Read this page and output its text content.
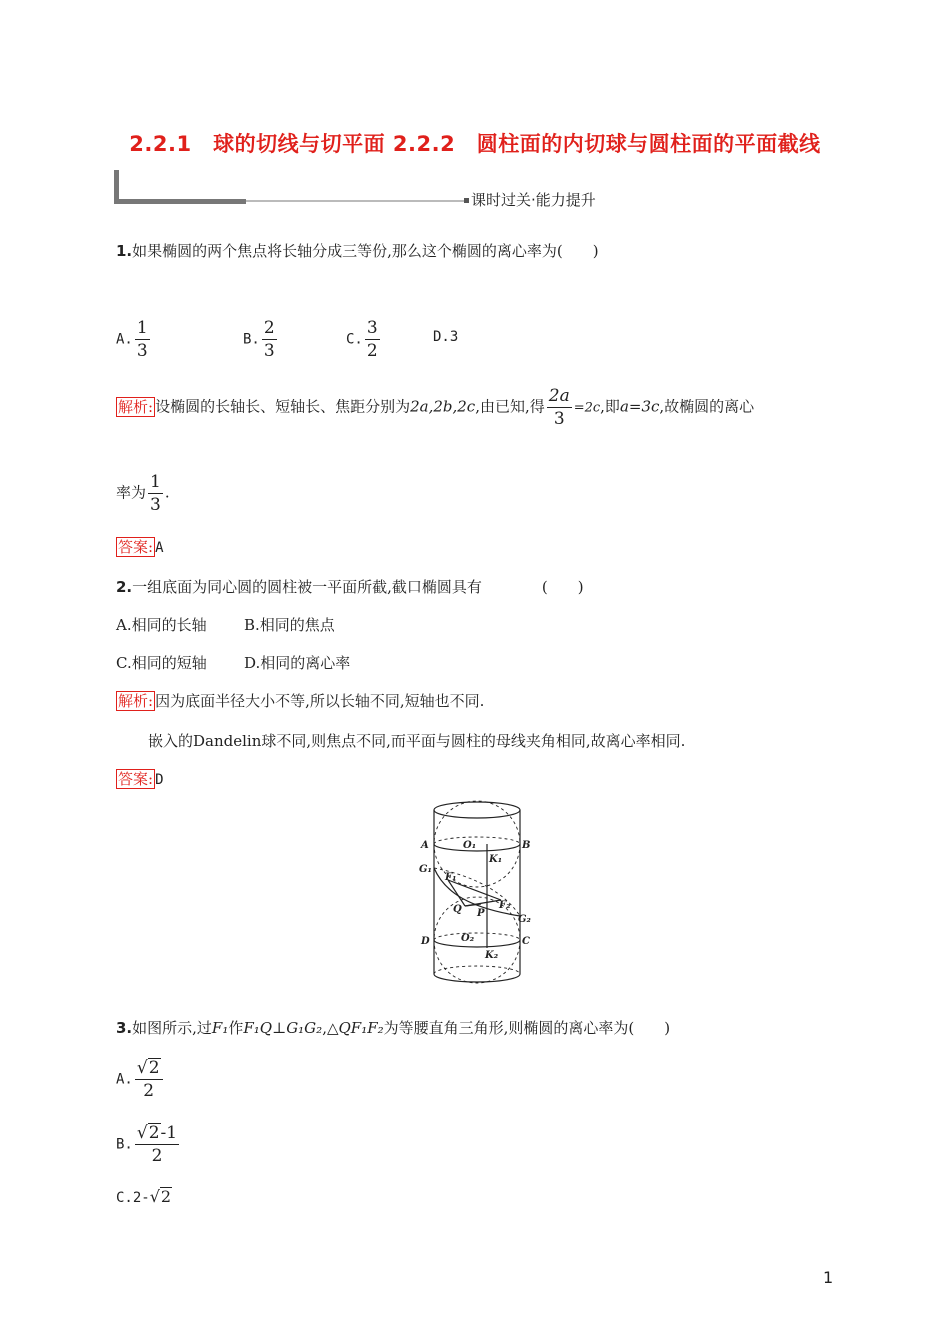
2.2.1　球的切线与切平面 2.2.2　圆柱面的内切球与圆柱面的平面截线
课时过关·能力提升
1.如果椭圆的两个焦点将长轴分成三等份,那么这个椭圆的离心率为(　　)
A. $\frac{1}{3}$	B. $\frac{2}{3}$	C. $\frac{3}{2}$	D.3
解析: 设椭圆的长轴长、短轴长、焦距分别为2a,2b,2c,由已知,得 $\frac{2a}{3} =2c$,即a=3c,故椭圆的离心
率为 $\frac{1}{3}$ .
答案: A
2.一组底面为同心圆的圆柱被一平面所截,截口椭圆具有　　　　(　　)
A.相同的长轴 B.相同的焦点
C.相同的短轴 D.相同的离心率
解析: 因为底面半径大小不等,所以长轴不同,短轴也不同.
嵌入的Dandelin球不同,则焦点不同,而平面与圆柱的母线夹角相同,故离心率相同.
答案: D
A	B
D	C
O₁
O₂
K₁
K₂
G₁
G₂
F₁
F₂
Q P
3.如图所示,过F₁作F₁Q⊥G₁G₂,△QF₁F₂为等腰直角三角形,则椭圆的离心率为(　　)
A. $\frac{√2}{2}$
B. $\frac{√2-1}{2}$
C.2-√2
1
